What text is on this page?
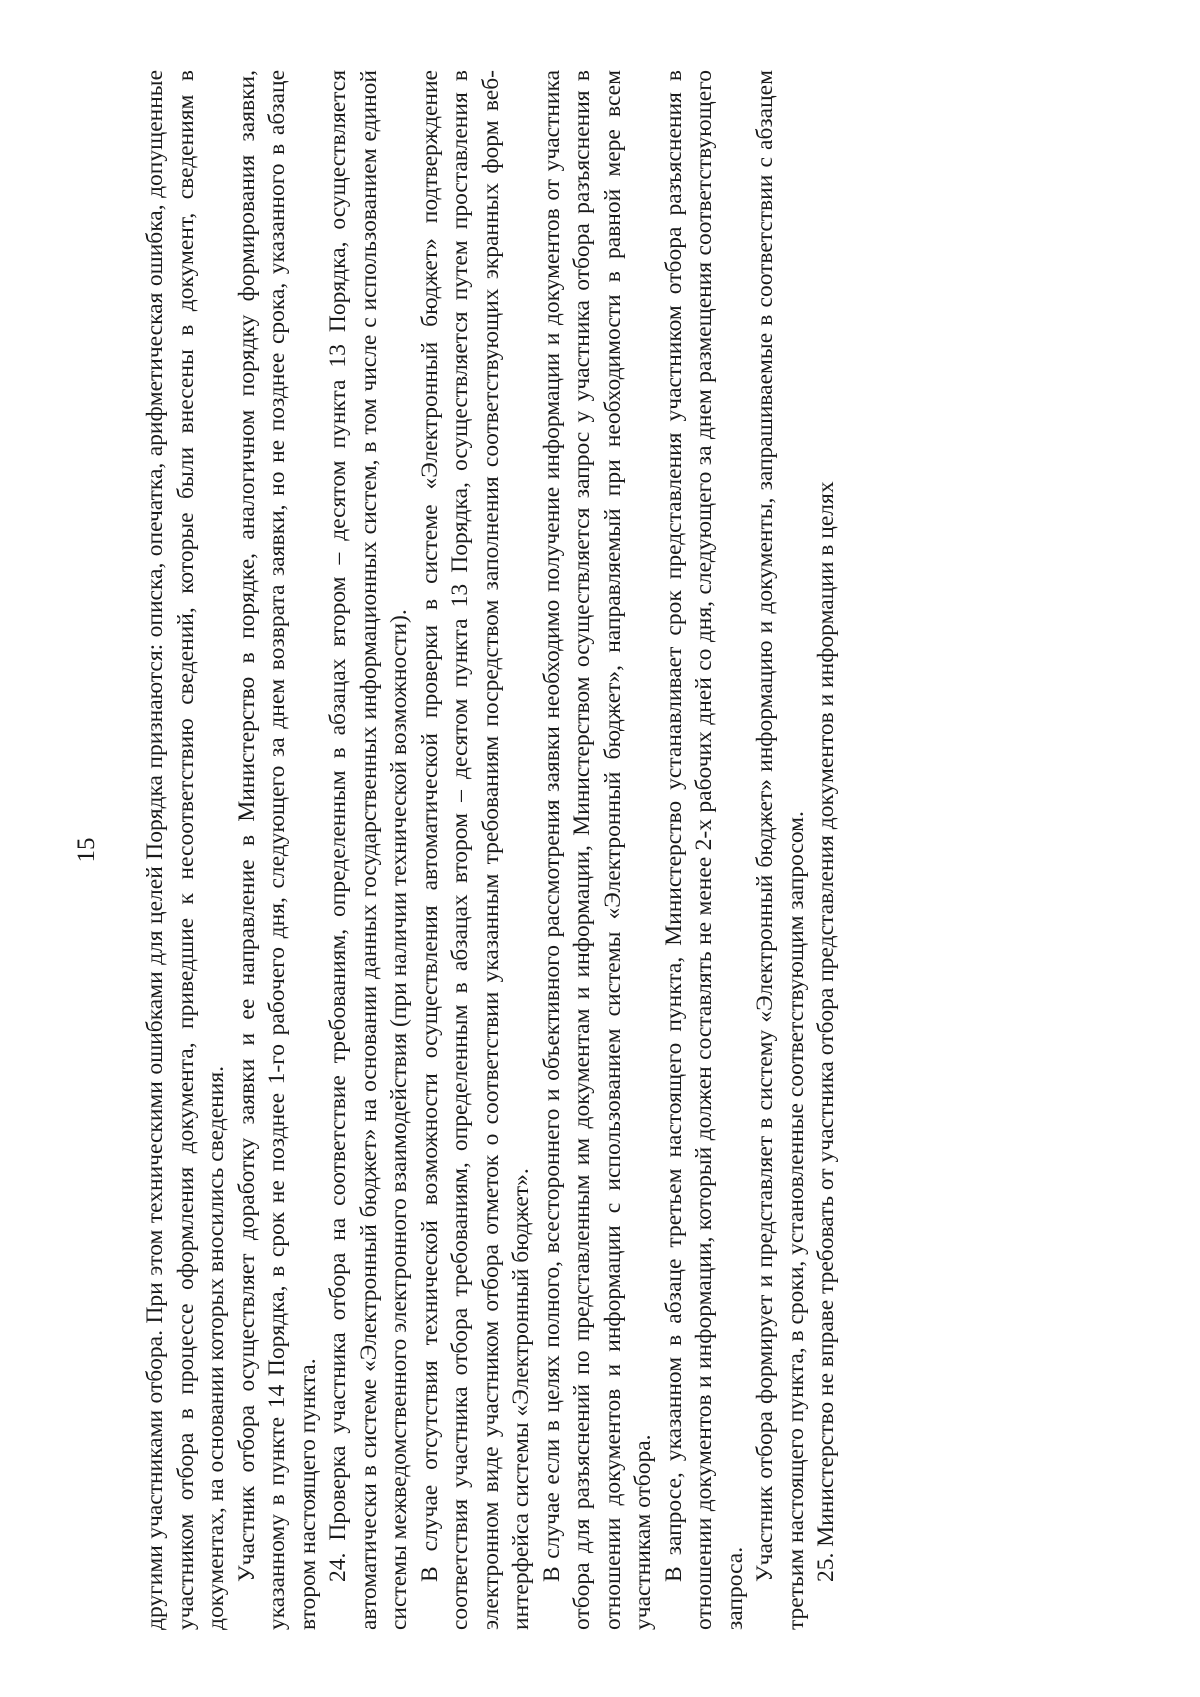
15 другими участниками отбора. При этом техническими ошибками для целей Порядка признаются: описка, опечатка, арифметическая ошибка, допущенные участником отбора в процессе оформления документа, приведшие к несоответствию сведений, которые были внесены в документ, сведениям в документах, на основании которых вносились сведения. Участник отбора осуществляет доработку заявки и ее направление в Министерство в порядке, аналогичном порядку формирования заявки, указанному в пункте 14 Порядка, в срок не позднее 1-го рабочего дня, следующего за днем возврата заявки, но не позднее срока, указанного в абзаце втором настоящего пункта. 24. Проверка участника отбора на соответствие требованиям, определенным в абзацах втором – десятом пункта 13 Порядка, осуществляется автоматически в системе «Электронный бюджет» на основании данных государственных информационных систем, в том числе с использованием единой системы межведомственного электронного взаимодействия (при наличии технической возможности). В случае отсутствия технической возможности осуществления автоматической проверки в системе «Электронный бюджет» подтверждение соответствия участника отбора требованиям, определенным в абзацах втором – десятом пункта 13 Порядка, осуществляется путем проставления в электронном виде участником отбора отметок о соответствии указанным требованиям посредством заполнения соответствующих экранных форм веб-интерфейса системы «Электронный бюджет». В случае если в целях полного, всестороннего и объективного рассмотрения заявки необходимо получение информации и документов от участника отбора для разъяснений по представленным им документам и информации, Министерством осуществляется запрос у участника отбора разъяснения в отношении документов и информации с использованием системы «Электронный бюджет», направляемый при необходимости в равной мере всем участникам отбора. В запросе, указанном в абзаце третьем настоящего пункта, Министерство устанавливает срок представления участником отбора разъяснения в отношении документов и информации, который должен составлять не менее 2-х рабочих дней со дня, следующего за днем размещения соответствующего запроса.

Участник отбора формирует и представляет в систему «Электронный бюджет» информацию и документы, запрашиваемые в соответствии с абзацем третьим настоящего пункта, в сроки, установленные соответствующим запросом. 25. Министерство не вправе требовать от участника отбора представления документов и информации в целях
